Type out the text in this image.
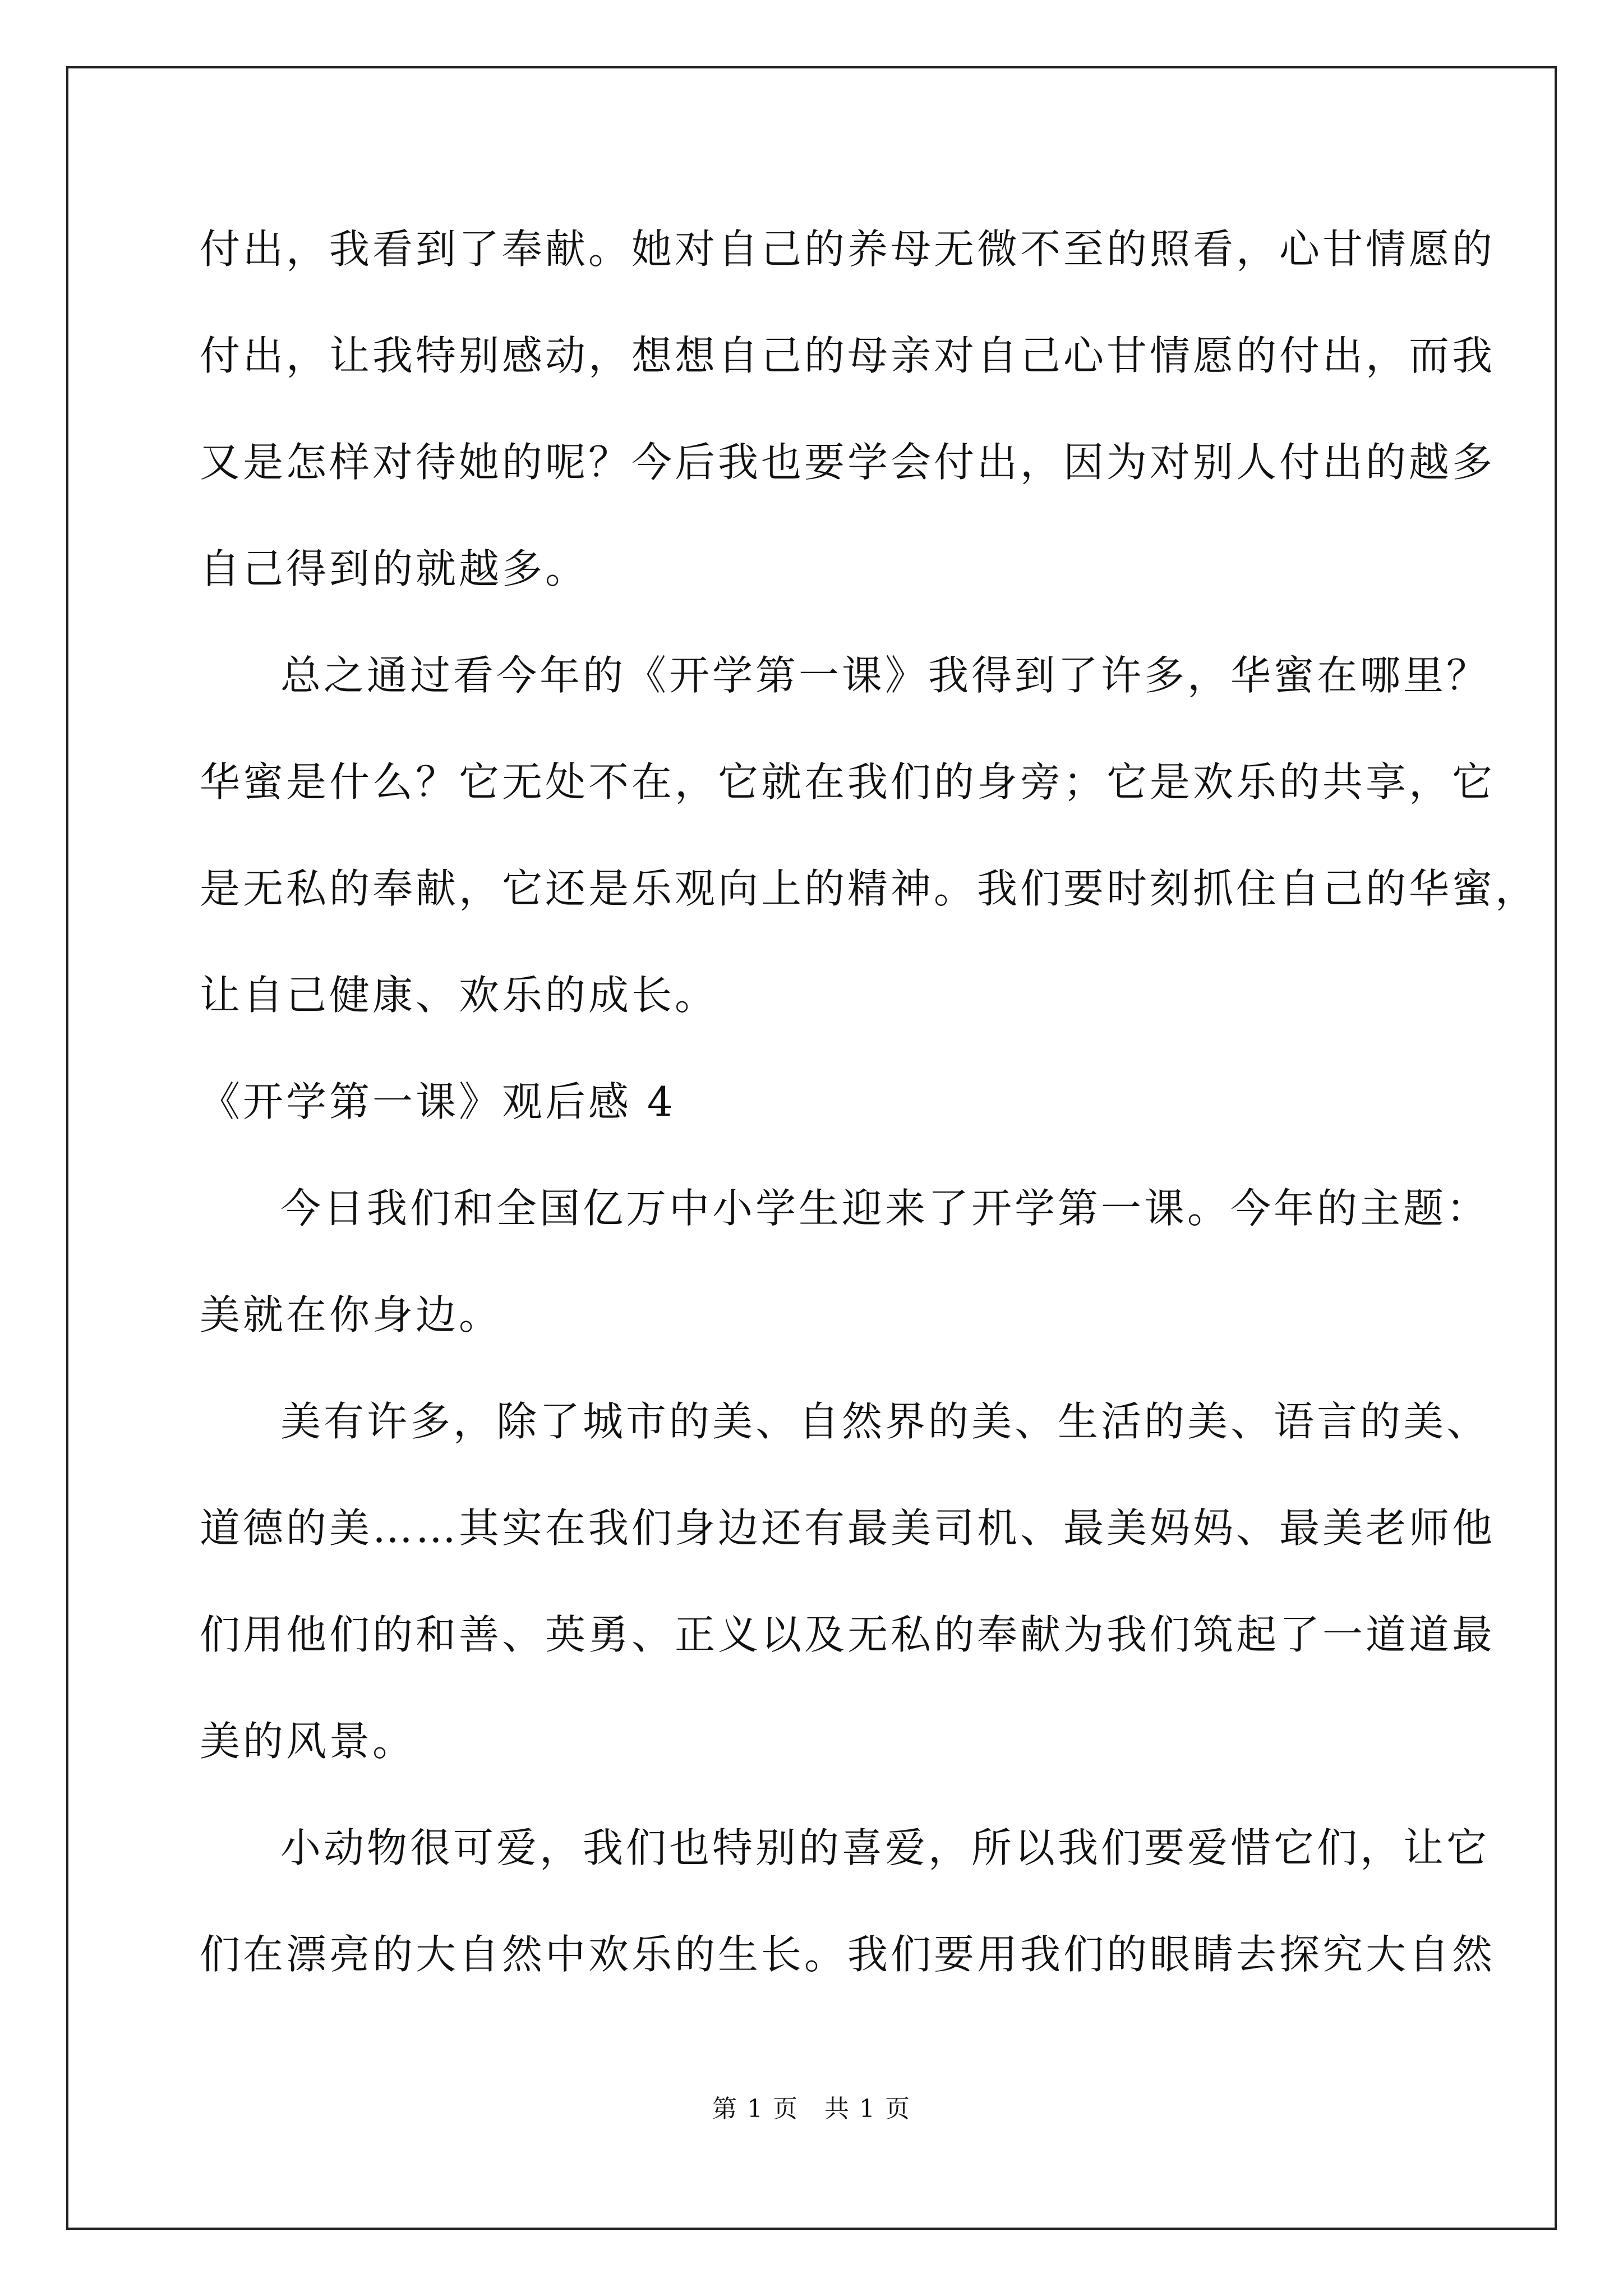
付出，我看到了奉献。她对自己的养母无微不至的照看，心甘情愿的
付出，让我特别感动，想想自己的母亲对自己心甘情愿的付出，而我
又是怎样对待她的呢？今后我也要学会付出，因为对别人付出的越多
自己得到的就越多。
总之通过看今年的《开学第一课》我得到了许多，华蜜在哪里？
华蜜是什么？它无处不在，它就在我们的身旁；它是欢乐的共享，它
是无私的奉献，它还是乐观向上的精神。我们要时刻抓住自己的华蜜，
让自己健康、欢乐的成长。
《开学第一课》观后感 4
今日我们和全国亿万中小学生迎来了开学第一课。今年的主题：
美就在你身边。
美有许多，除了城市的美、自然界的美、生活的美、语言的美、
道德的美……其实在我们身边还有最美司机、最美妈妈、最美老师他
们用他们的和善、英勇、正义以及无私的奉献为我们筑起了一道道最
美的风景。
小动物很可爱，我们也特别的喜爱，所以我们要爱惜它们，让它
们在漂亮的大自然中欢乐的生长。我们要用我们的眼睛去探究大自然
第 1 页　共 1 页
